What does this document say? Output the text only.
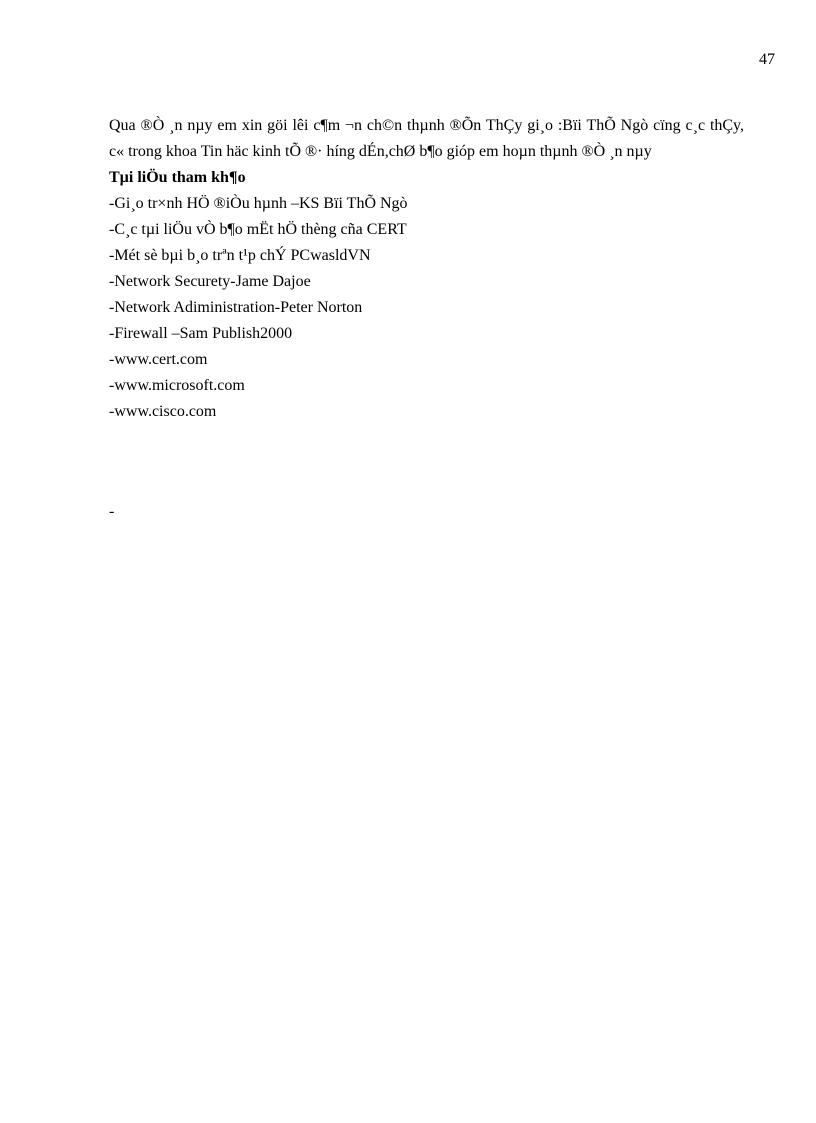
47

Qua ®Ò ¸n nµy em xin göi lêi c¶m ¬n ch©n thµnh ®Õn ThÇy gi¸o :Bïi ThÕ Ngò cïng c¸c thÇy, c« trong khoa Tin häc kinh tÕ ®· híng dÉn,chØ b¶o gióp em hoµn thµnh ®Ò ¸n nµy

Tµi liÖu tham kh¶o
-Gi¸o tr×nh HÖ ®iÒu hµnh –KS Bïi ThÕ Ngò
-C¸c tµi liÖu vÒ b¶o mËt hÖ thèng cña CERT
-Mét sè bµi b¸o trªn t¹p chÝ PCwasldVN
-Network Securety-Jame Dajoe
-Network Adiministration-Peter Norton
-Firewall –Sam Publish2000
-www.cert.com
-www.microsoft.com
-www.cisco.com
-
